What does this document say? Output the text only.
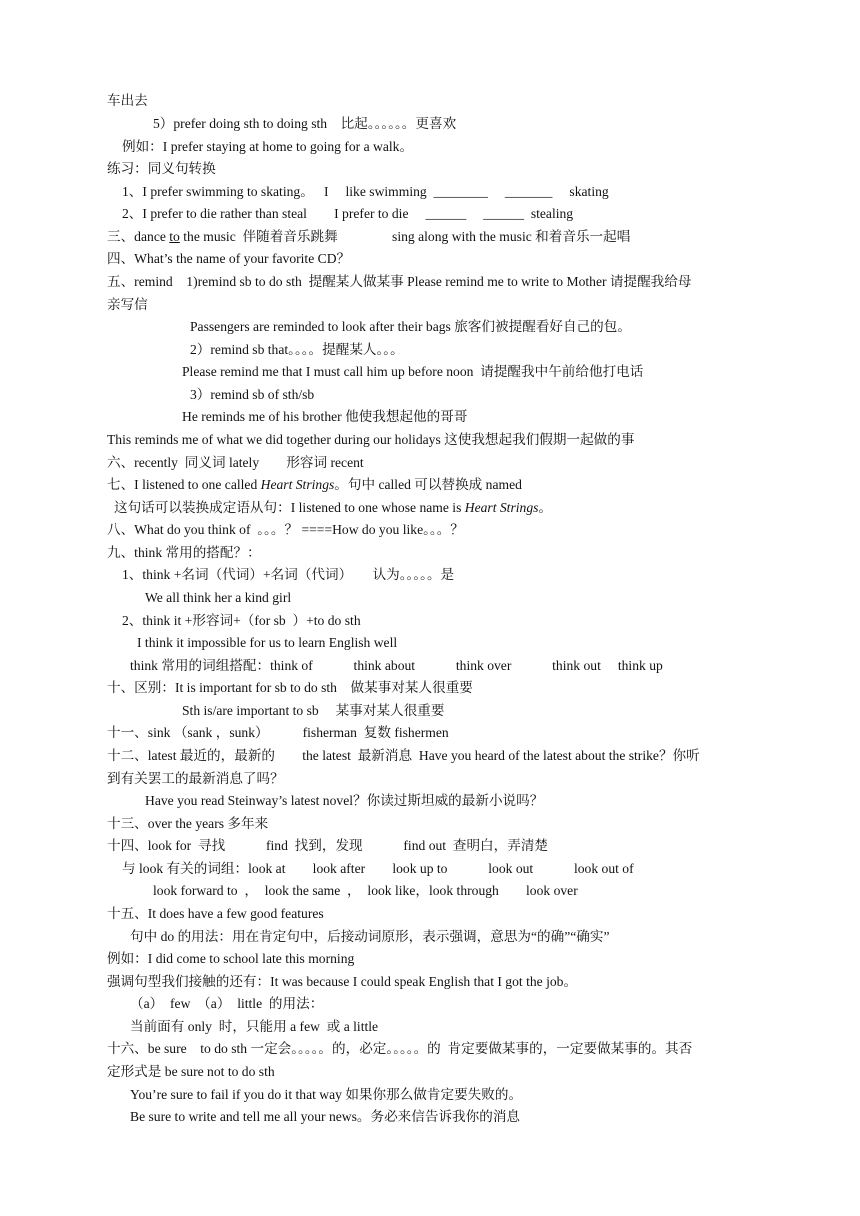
车出去
5）prefer doing sth to doing sth　比起。。。。。。更喜欢
例如：I prefer staying at home to going for a walk。
练习：同义句转换
1、I prefer swimming to skating。　 I　 like swimming  ________　 _______　 skating
2、I prefer to die rather than steal　　I prefer to die　 ______　 ______  stealing
三、dance to the music  伴随着音乐跳舞　　　　sing along with the music 和着音乐一起唱
四、What’s the name of your favorite CD？
五、remind　1)remind sb to do sth  提醒某人做某事 Please remind me to write to Mother 请提醒我给母
亲写信
Passengers are reminded to look after their bags 旅客们被提醒看好自己的包。
2）remind sb that。。。。提醒某人。。。
Please remind me that I must call him up before noon  请提醒我中午前给他打电话
3）remind sb of sth/sb
He reminds me of his brother 他使我想起他的哥哥
This reminds me of what we did together during our holidays 这使我想起我们假期一起做的事
六、recently  同义词 lately　　形容词 recent
七、I listened to one called Heart Strings。句中 called 可以替换成 named
这句话可以装换成定语从句：I listened to one whose name is Heart Strings。
八、What do you think of  。。。？ ====How do you like。。。？
九、think 常用的搭配？：
1、think +名词（代词）+名词（代词）　　认为。。。。。是
We all think her a kind girl
2、think it +形容词+（for sb  ）+to do sth
I think it impossible for us to learn English well
think 常用的词组搭配：think of　　　think about　　　think over　　　think out　 think up
十、区别：It is important for sb to do sth　做某事对某人很重要
Sth is/are important to sb　 某事对某人很重要
十一、sink （sank ，sunk）　　　fisherman  复数 fishermen
十二、latest 最近的，最新的　　the latest  最新消息  Have you heard of the latest about the strike？你听
到有关罢工的最新消息了吗？
Have you read Steinway’s latest novel？你读过斯坦威的最新小说吗？
十三、over the years 多年来
十四、look for  寻找　　　find  找到，发现　　　find out  查明白，弄清楚
与 look 有关的词组：look at　　look after　　look up to　　　look out　　　look out of
look forward to  ，　look the same  ，　look like，look through　　look over
十五、It does have a few good features
句中 do 的用法：用在肯定句中，后接动词原形，表示强调，意思为“的确”“确实”
例如：I did come to school late this morning
强调句型我们接触的还有：It was because I could speak English that I got the job。
（a）　few　（a）　little  的用法：
当前面有 only  时，只能用 a few  或 a little
十六、be sure　to do sth 一定会。。。。。的，必定。。。。。的  肯定要做某事的，一定要做某事的。其否
定形式是 be sure not to do sth
You’re sure to fail if you do it that way 如果你那么做肯定要失败的。
Be sure to write and tell me all your news。务必来信告诉我你的消息
